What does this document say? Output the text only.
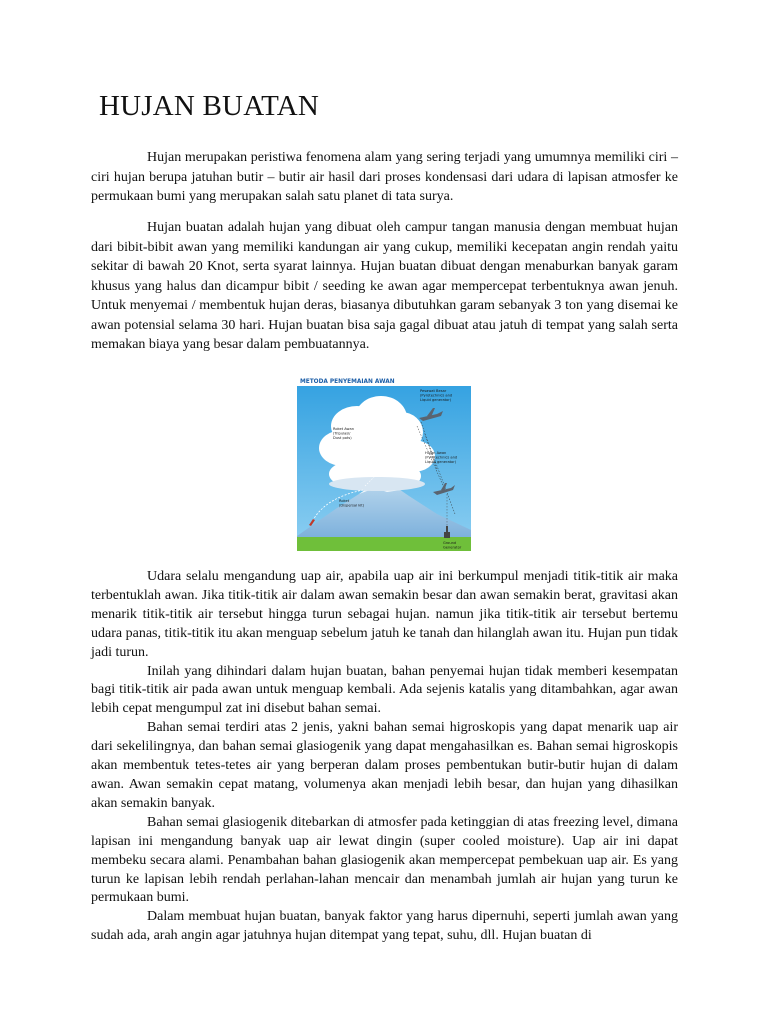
HUJAN BUATAN

Hujan merupakan peristiwa fenomena alam yang sering terjadi yang umumnya memiliki ciri – ciri hujan berupa jatuhan butir – butir air hasil dari proses kondensasi dari udara di lapisan atmosfer ke permukaan bumi yang merupakan salah satu planet di tata surya.

Hujan buatan adalah hujan yang dibuat oleh campur tangan manusia dengan membuat hujan dari bibit-bibit awan yang memiliki kandungan air yang cukup, memiliki kecepatan angin rendah yaitu sekitar di bawah 20 Knot, serta syarat lainnya. Hujan buatan dibuat dengan menaburkan banyak garam khusus yang halus dan dicampur bibit / seeding ke awan agar mempercepat terbentuknya awan jenuh. Untuk menyemai / membentuk hujan deras, biasanya dibutuhkan garam sebanyak 3 ton yang disemai ke awan potensial selama 30 hari. Hujan buatan bisa saja gagal dibuat atau jatuh di tempat yang salah serta memakan biaya yang besar dalam pembuatannya.

METODA PENYEMAIAN AWAN
Pesawat Besar
(Pyrotechnics and
Liquid generator)
Roket Awan
(Tripulasi/
Dust pots)
Hujan Awan
(Pyrotechnics and
Liquid generator)
Roket
(Dispersal kit)
Ground
Generator

Udara selalu mengandung uap air, apabila uap air ini berkumpul menjadi titik-titik air maka terbentuklah awan. Jika titik-titik air dalam awan semakin besar dan awan semakin berat, gravitasi akan menarik titik-titik air tersebut hingga turun sebagai hujan. namun jika titik-titik air tersebut bertemu udara panas, titik-titik itu akan menguap sebelum jatuh ke tanah dan hilanglah awan itu. Hujan pun tidak jadi turun.

Inilah yang dihindari dalam hujan buatan, bahan penyemai hujan tidak memberi kesempatan bagi titik-titik air pada awan untuk menguap kembali. Ada sejenis katalis yang ditambahkan, agar awan lebih cepat mengumpul zat ini disebut bahan semai.

Bahan semai terdiri atas 2 jenis, yakni bahan semai higroskopis yang dapat menarik uap air dari sekelilingnya, dan bahan semai glasiogenik yang dapat mengahasilkan es. Bahan semai higroskopis akan membentuk tetes-tetes air yang berperan dalam proses pembentukan butir-butir hujan di dalam awan. Awan semakin cepat matang, volumenya akan menjadi lebih besar, dan hujan yang dihasilkan akan semakin banyak.

Bahan semai glasiogenik ditebarkan di atmosfer pada ketinggian di atas freezing level, dimana lapisan ini mengandung banyak uap air lewat dingin (super cooled moisture). Uap air ini dapat membeku secara alami. Penambahan bahan glasiogenik akan mempercepat pembekuan uap air. Es yang turun ke lapisan lebih rendah perlahan-lahan mencair dan menambah jumlah air hujan yang turun ke permukaan bumi.

Dalam membuat hujan buatan, banyak faktor yang harus dipernuhi, seperti jumlah awan yang sudah ada, arah angin agar jatuhnya hujan ditempat yang tepat, suhu, dll. Hujan buatan di
